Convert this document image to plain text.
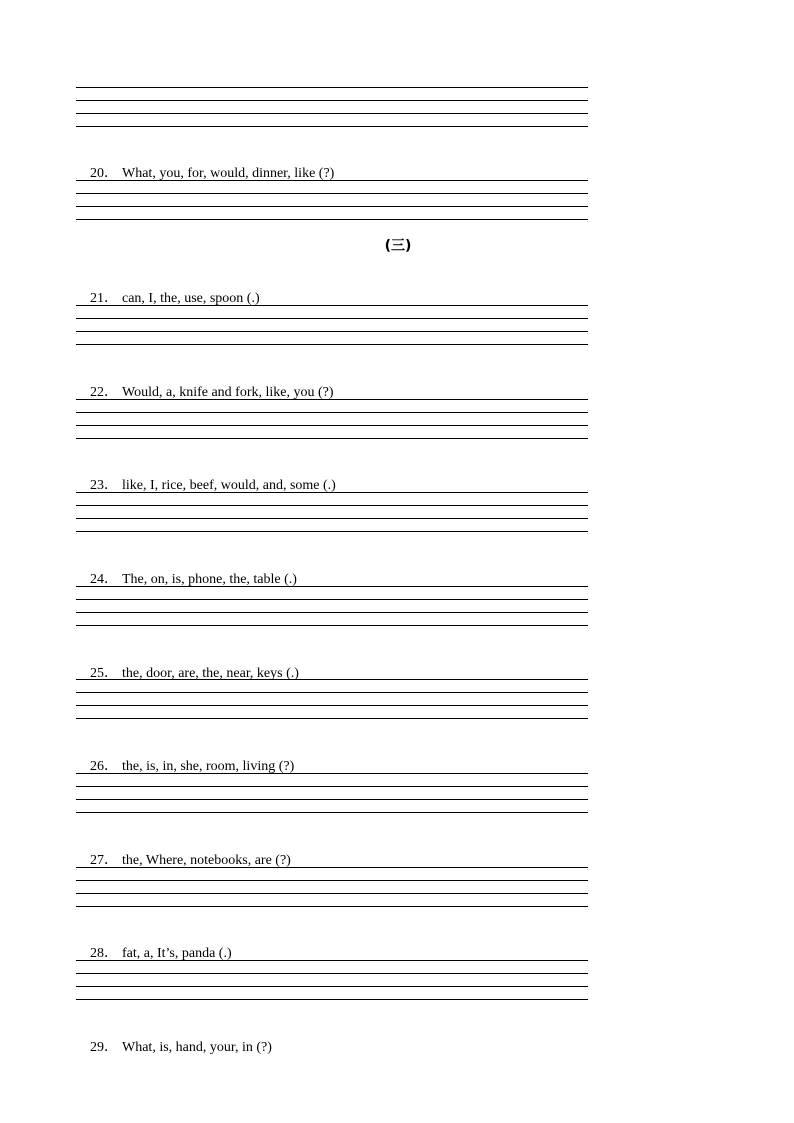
20． What, you, for, would, dinner, like (?)

(三)

21． can, I, the, use, spoon (.)

22． Would, a, knife and fork, like, you (?)

23． like, I, rice, beef, would, and, some (.)

24． The, on, is, phone, the, table (.)

25． the, door, are, the, near, keys (.)

26． the, is, in, she, room, living (?)

27． the, Where, notebooks, are (?)

28． fat, a, It’s, panda (.)

29． What, is, hand, your, in (?)
